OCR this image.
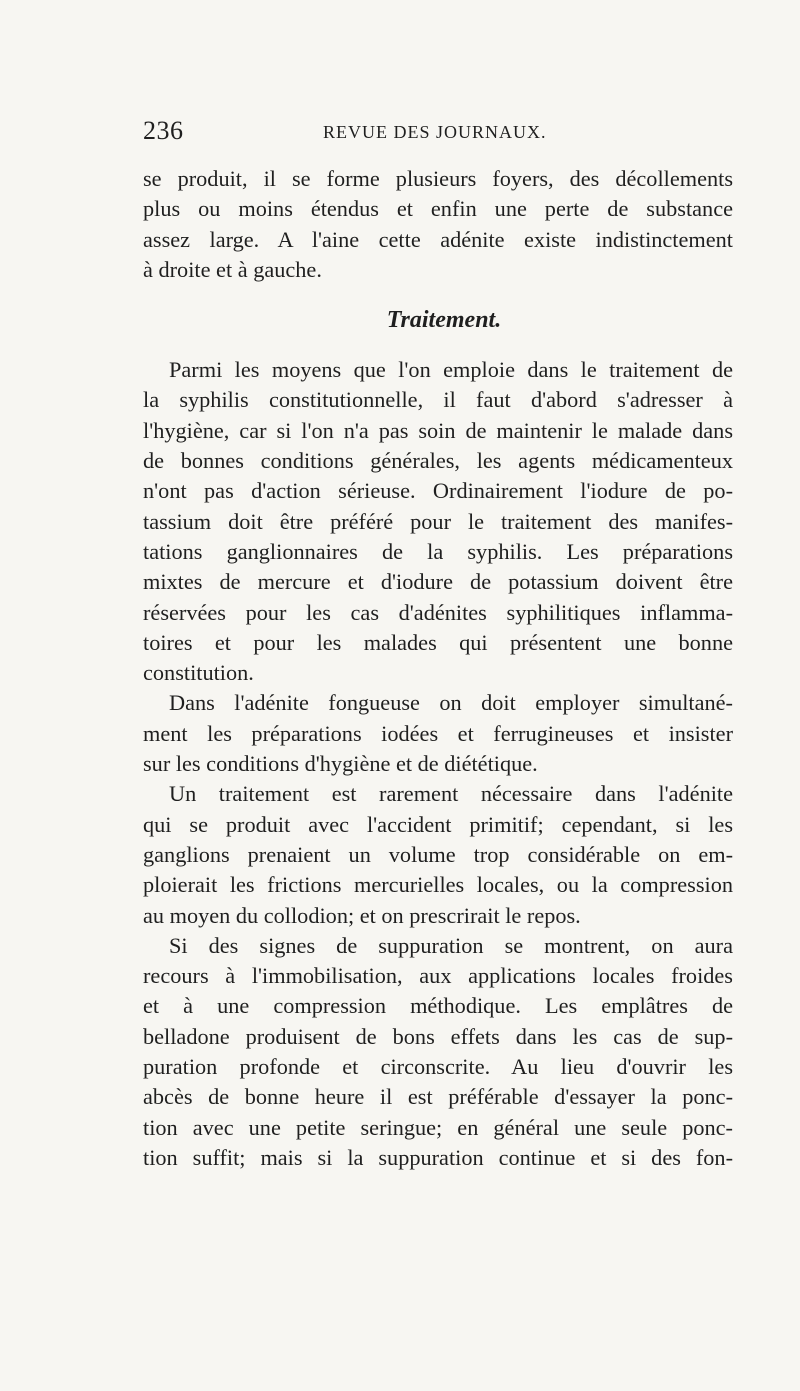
236	REVUE DES JOURNAUX.
se produit, il se forme plusieurs foyers, des décollements
plus ou moins étendus et enfin une perte de substance
assez large. A l'aine cette adénite existe indistinctement
à droite et à gauche.
Traitement.
Parmi les moyens que l'on emploie dans le traitement de
la syphilis constitutionnelle, il faut d'abord s'adresser à
l'hygiène, car si l'on n'a pas soin de maintenir le malade dans
de bonnes conditions générales, les agents médicamenteux
n'ont pas d'action sérieuse. Ordinairement l'iodure de po-
tassium doit être préféré pour le traitement des manifes-
tations ganglionnaires de la syphilis. Les préparations
mixtes de mercure et d'iodure de potassium doivent être
réservées pour les cas d'adénites syphilitiques inflamma-
toires et pour les malades qui présentent une bonne
constitution.
Dans l'adénite fongueuse on doit employer simultané-
ment les préparations iodées et ferrugineuses et insister
sur les conditions d'hygiène et de diététique.
Un traitement est rarement nécessaire dans l'adénite
qui se produit avec l'accident primitif; cependant, si les
ganglions prenaient un volume trop considérable on em-
ploierait les frictions mercurielles locales, ou la compression
au moyen du collodion; et on prescrirait le repos.
Si des signes de suppuration se montrent, on aura
recours à l'immobilisation, aux applications locales froides
et à une compression méthodique. Les emplâtres de
belladone produisent de bons effets dans les cas de sup-
puration profonde et circonscrite. Au lieu d'ouvrir les
abcès de bonne heure il est préférable d'essayer la ponc-
tion avec une petite seringue; en général une seule ponc-
tion suffit; mais si la suppuration continue et si des fon-
